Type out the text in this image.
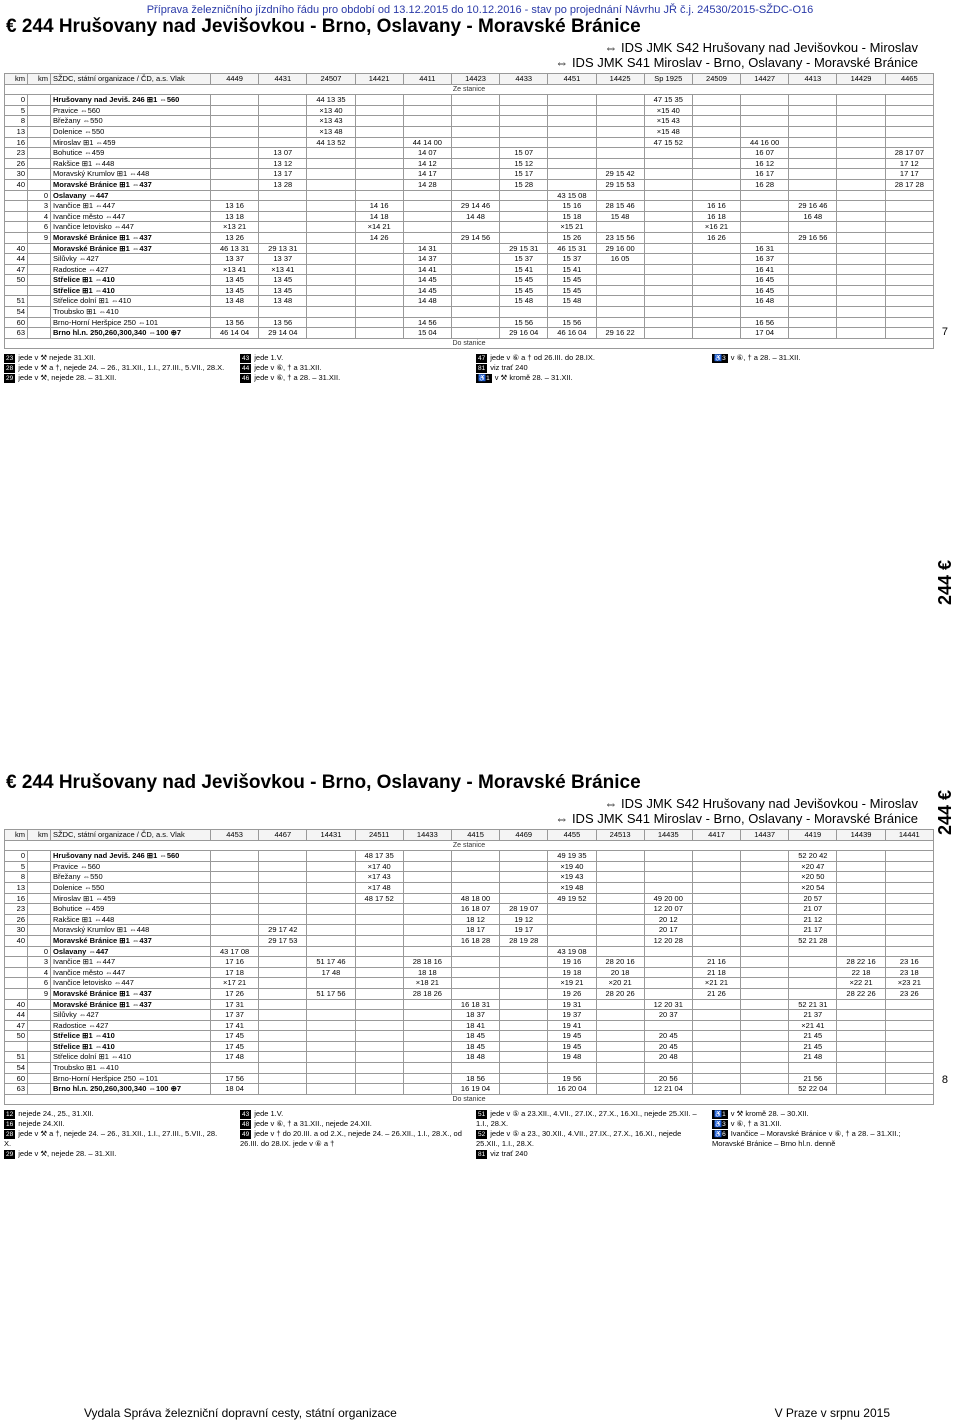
Příprava železničního jízdního řádu pro období od 13.12.2015 do 10.12.2016 - stav po projednání Návrhu JŘ č.j. 24530/2015-SŽDC-O16
€ 244 Hrušovany nad Jevišovkou - Brno, Oslavany - Moravské Bránice
⇔ IDS JMK S42 Hrušovany nad Jevišovkou - Miroslav
⇔ IDS JMK S41 Miroslav - Brno, Oslavany - Moravské Bránice
km	km	SŽDC, státní organizace / ČD, a.s. Vlak	4449	4431	24507	14421	4411	14423	4433	4451	14425	Sp 1925	24509	14427	4413	14429	4465
Ze stanice																	
0		Hrušovany nad Jeviš. 246 ⊞1 ⇔560			44 13 35							47 15 35					
5		Pravice ⇔560			×13 40							×15 40					
8		Břežany ⇔550			×13 43							×15 43					
13		Dolenice ⇔550			×13 48							×15 48					
16		Miroslav ⊞1 ⇔459			44 13 52		44 14 00					47 15 52		44 16 00			
23		Bohutice ⇔459		13 07			14 07		15 07					16 07			28 17 07
26		Rakšice ⊞1 ⇔448		13 12			14 12		15 12					16 12			17 12
30		Moravský Krumlov ⊞1 ⇔448		13 17			14 17		15 17		29 15 42			16 17			17 17
40		Moravské Bránice ⊞1 ⇔437		13 28			14 28		15 28		29 15 53			16 28			28 17 28
	0	Oslavany ⇔447								43 15 08							
	3	Ivančice ⊞1 ⇔447	13 16			14 16		29 14 46		15 16	28 15 46		16 16		29 16 46		
	4	Ivančice město ⇔447	13 18			14 18		14 48		15 18	15 48		16 18		16 48		
	6	Ivančice letovisko ⇔447	×13 21			×14 21				×15 21			×16 21				
	9	Moravské Bránice ⊞1 ⇔437	13 26			14 26		29 14 56		15 26	23 15 56		16 26		29 16 56		
40		Moravské Bránice ⊞1 ⇔437	46 13 31	29 13 31			14 31		29 15 31	46 15 31	29 16 00			16 31			
44		Silůvky ⇔427	13 37	13 37			14 37		15 37	15 37	16 05			16 37			
47		Radostice ⇔427	×13 41	×13 41			14 41		15 41	15 41				16 41			
50		Střelice ⊞1 ⇔410	13 45	13 45			14 45		15 45	15 45				16 45			
		Střelice ⊞1 ⇔410	13 45	13 45			14 45		15 45	15 45				16 45			
51		Střelice dolní ⊞1 ⇔410	13 48	13 48			14 48		15 48	15 48				16 48			
54		Troubsko ⊞1 ⇔410															
60		Brno-Horní Heršpice 250 ⇔101	13 56	13 56			14 56		15 56	15 56				16 56			
63		Brno hl.n. 250,260,300,340 ⇔100 ⊕7	46 14 04	29 14 04			15 04		29 16 04	46 16 04	29 16 22			17 04			
Do stanice																	
23 jede v ⚒ nejede 31.XII.
28 jede v ⚒ a †, nejede 24. – 26., 31.XII., 1.I., 27.III., 5.VII., 28.X.
29 jede v ⚒, nejede 28. – 31.XII.
43 jede 1.V.
44 jede v ⑥, † a 31.XII.
46 jede v ⑥, † a 28. – 31.XII.
47 jede v ⑥ a † od 26.III. do 28.IX.
81 viz trať 240
♿1 v ⚒ kromě 28. – 31.XII.
♿3 v ⑥, † a 28. – 31.XII.
7
244 €
€ 244 Hrušovany nad Jevišovkou - Brno, Oslavany - Moravské Bránice
⇔ IDS JMK S42 Hrušovany nad Jevišovkou - Miroslav
⇔ IDS JMK S41 Miroslav - Brno, Oslavany - Moravské Bránice
km	km	SŽDC, státní organizace / ČD, a.s. Vlak	4453	4467	14431	24511	14433	4415	4469	4455	24513	14435	4417	14437	4419	14439	14441
Ze stanice																	
0		Hrušovany nad Jeviš. 246 ⊞1 ⇔560				48 17 35				49 19 35					52 20 42		
5		Pravice ⇔560				×17 40				×19 40					×20 47		
8		Břežany ⇔550				×17 43				×19 43					×20 50		
13		Dolenice ⇔550				×17 48				×19 48					×20 54		
16		Miroslav ⊞1 ⇔459				48 17 52		48 18 00		49 19 52		49 20 00			20 57		
23		Bohutice ⇔459						16 18 07	28 19 07			12 20 07			21 07		
26		Rakšice ⊞1 ⇔448						18 12	19 12			20 12			21 12		
30		Moravský Krumlov ⊞1 ⇔448		29 17 42				18 17	19 17			20 17			21 17		
40		Moravské Bránice ⊞1 ⇔437		29 17 53				16 18 28	28 19 28			12 20 28			52 21 28		
	0	Oslavany ⇔447	43 17 08							43 19 08							
	3	Ivančice ⊞1 ⇔447	17 16		51 17 46		28 18 16			19 16	28 20 16		21 16			28 22 16	23 16
	4	Ivančice město ⇔447	17 18		17 48		18 18			19 18	20 18		21 18			22 18	23 18
	6	Ivančice letovisko ⇔447	×17 21				×18 21			×19 21	×20 21		×21 21			×22 21	×23 21
	9	Moravské Bránice ⊞1 ⇔437	17 26		51 17 56		28 18 26			19 26	28 20 26		21 26			28 22 26	23 26
40		Moravské Bránice ⊞1 ⇔437	17 31					16 18 31		19 31		12 20 31			52 21 31		
44		Silůvky ⇔427	17 37					18 37		19 37		20 37			21 37		
47		Radostice ⇔427	17 41					18 41		19 41					×21 41		
50		Střelice ⊞1 ⇔410	17 45					18 45		19 45		20 45			21 45		
		Střelice ⊞1 ⇔410	17 45					18 45		19 45		20 45			21 45		
51		Střelice dolní ⊞1 ⇔410	17 48					18 48		19 48		20 48			21 48		
54		Troubsko ⊞1 ⇔410															
60		Brno-Horní Heršpice 250 ⇔101	17 56					18 56		19 56		20 56			21 56		
63		Brno hl.n. 250,260,300,340 ⇔100 ⊕7	18 04					16 19 04		16 20 04		12 21 04			52 22 04		
Do stanice																	
12 nejede 24., 25., 31.XII.
16 nejede 24.XII.
28 jede v ⚒ a †, nejede 24. – 26., 31.XII., 1.I., 27.III., 5.VII., 28. X.
29 jede v ⚒, nejede 28. – 31.XII.
43 jede 1.V.
48 jede v ⑥, † a 31.XII., nejede 24.XII.
49 jede v † do 20.III. a od 2.X., nejede 24. – 26.XII., 1.I., 28.X., od 26.III. do 28.IX. jede v ⑥ a †
51 jede v ⑤ a 23.XII., 4.VII., 27.IX., 27.X., 16.XI., nejede 25.XII. – 1.I., 28.X.
52 jede v ⑤ a 23., 30.XII., 4.VII., 27.IX., 27.X., 16.XI., nejede 25.XII., 1.I., 28.X.
81 viz trať 240
♿1 v ⚒ kromě 28. – 30.XII.
♿3 v ⑥, † a 31.XII.
♿6 Ivančice – Moravské Bránice v ⑥, † a 28. – 31.XII.; Moravské Bránice – Brno hl.n. denně
244 €
8
Vydala Správa železniční dopravní cesty, státní organizace	V Praze v srpnu 2015
